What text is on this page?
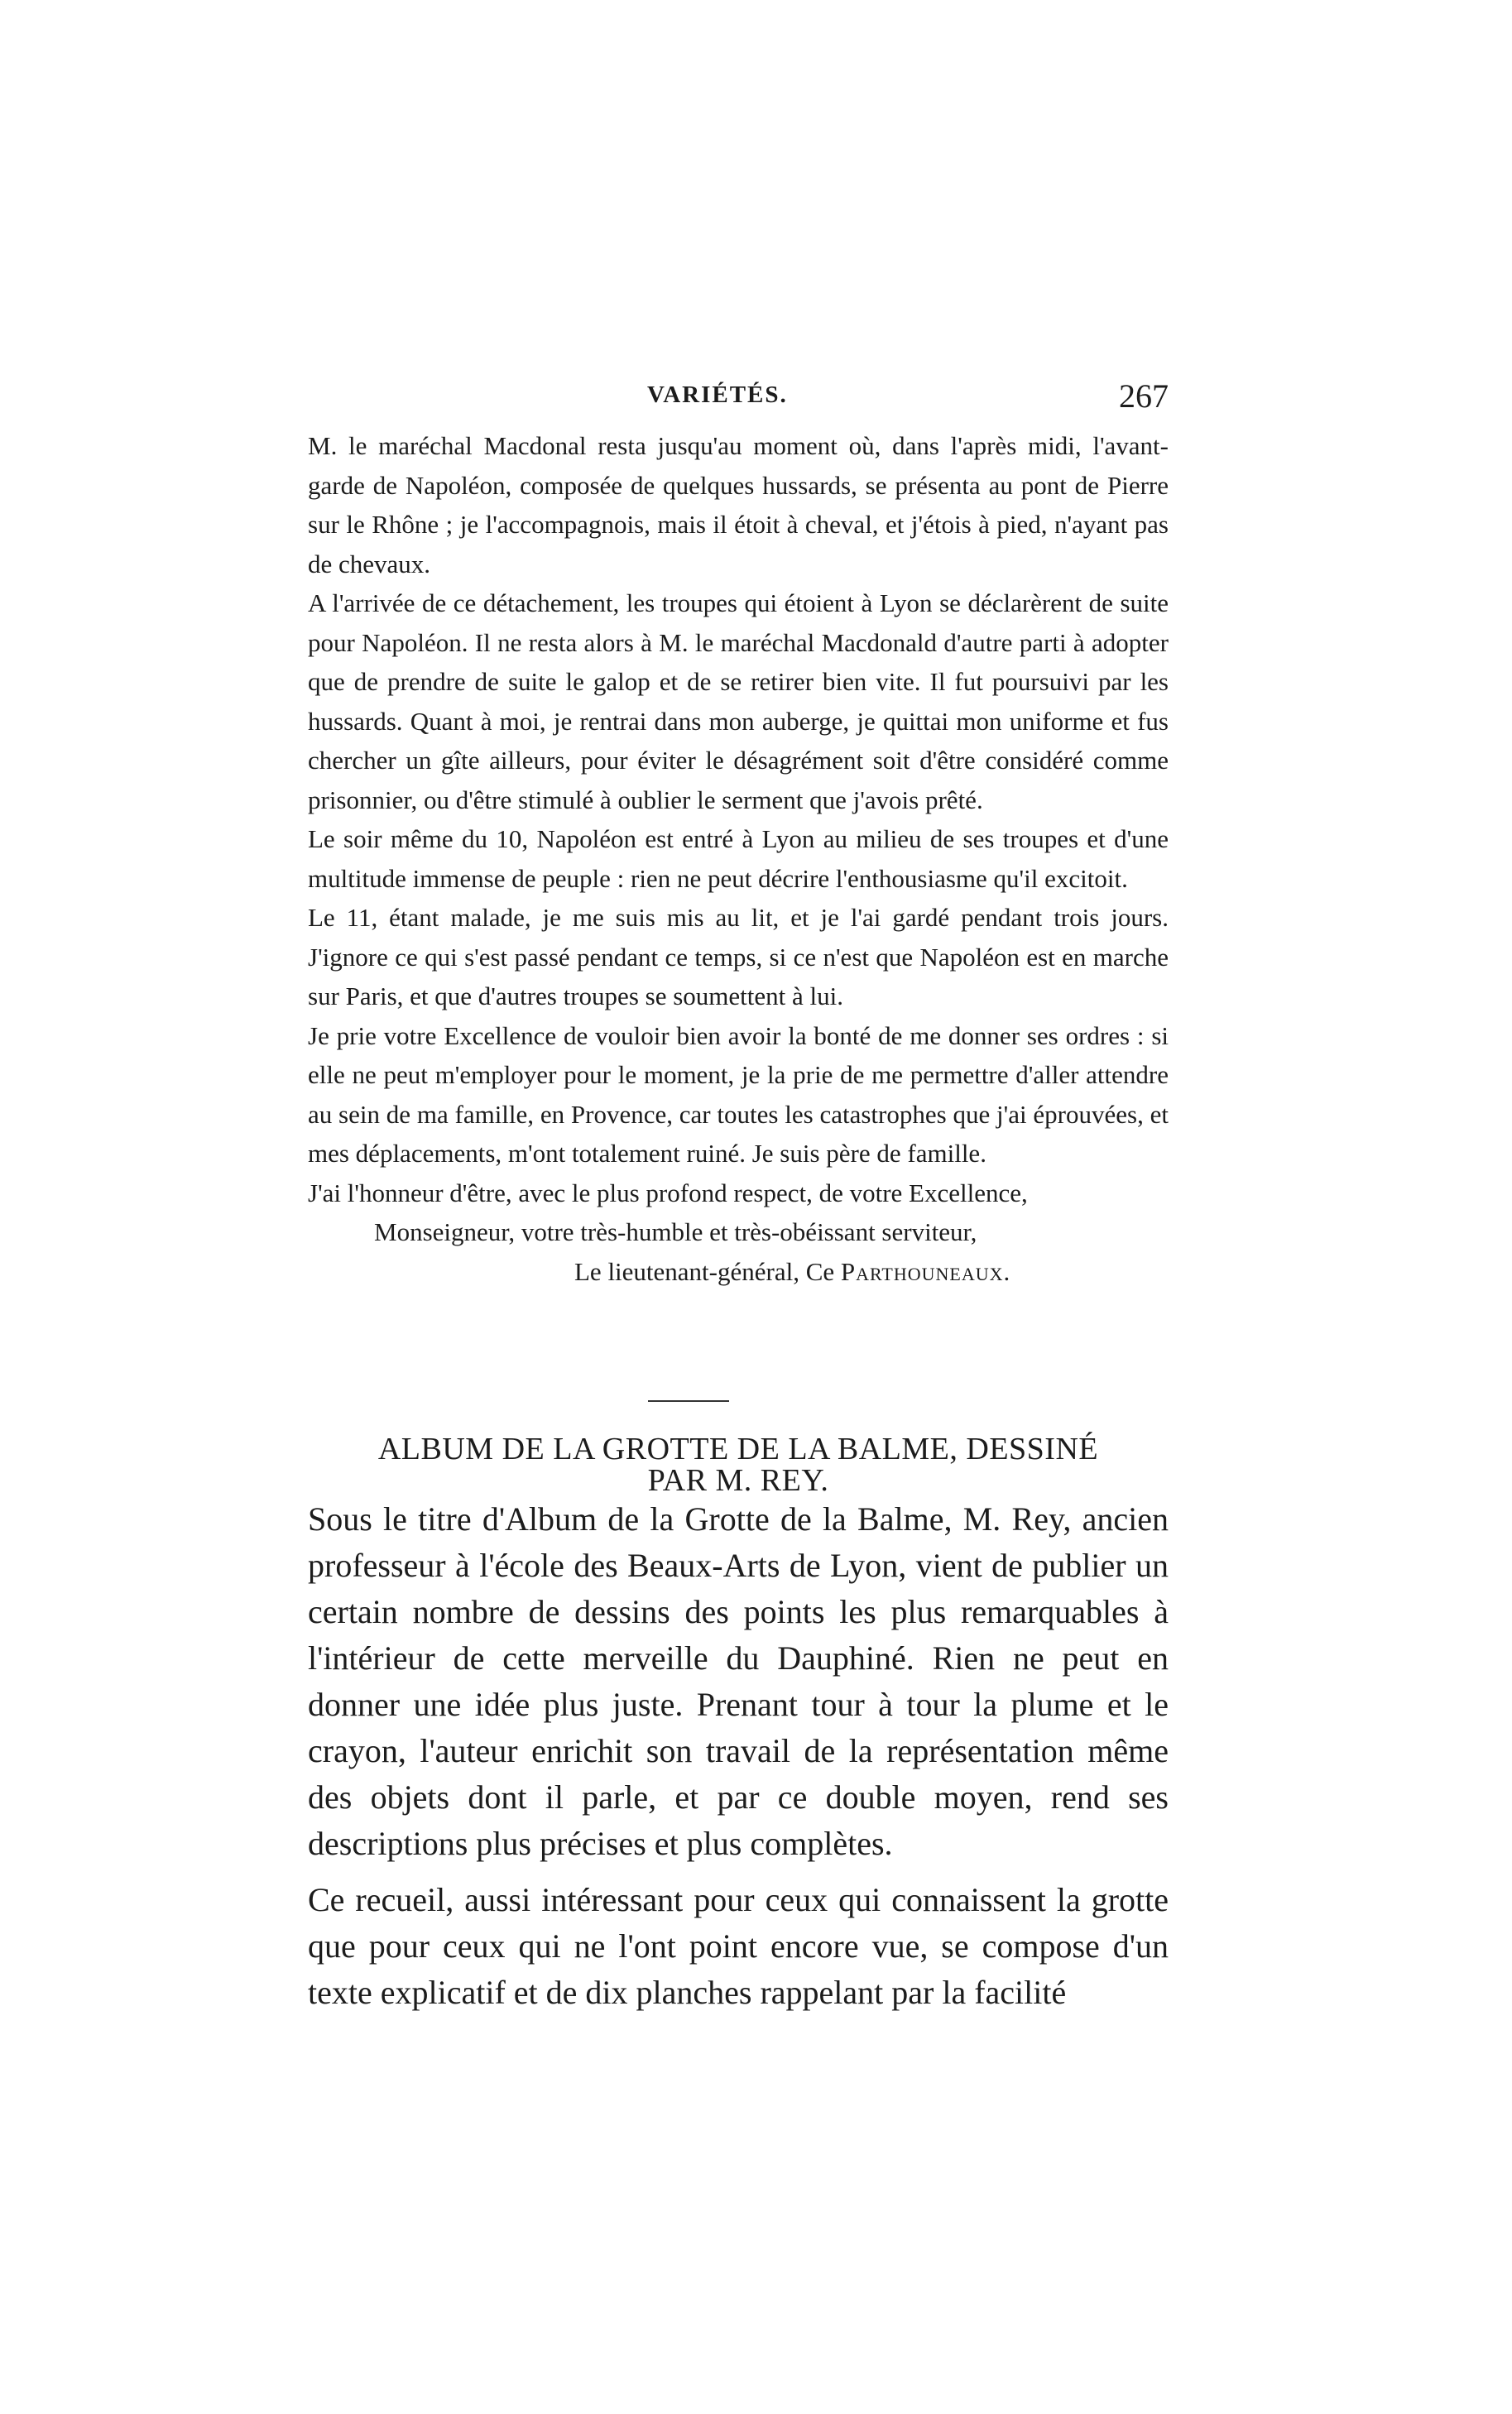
VARIÉTÉS.	267

M. le maréchal Macdonal resta jusqu'au moment où, dans l'après midi, l'avant-garde de Napoléon, composée de quelques hussards, se présenta au pont de Pierre sur le Rhône ; je l'accompagnois, mais il étoit à cheval, et j'étois à pied, n'ayant pas de chevaux.

A l'arrivée de ce détachement, les troupes qui étoient à Lyon se déclarèrent de suite pour Napoléon. Il ne resta alors à M. le maréchal Macdonald d'autre parti à adopter que de prendre de suite le galop et de se retirer bien vite. Il fut poursuivi par les hussards. Quant à moi, je rentrai dans mon auberge, je quittai mon uniforme et fus chercher un gîte ailleurs, pour éviter le désagrément soit d'être considéré comme prisonnier, ou d'être stimulé à oublier le serment que j'avois prêté.

Le soir même du 10, Napoléon est entré à Lyon au milieu de ses troupes et d'une multitude immense de peuple : rien ne peut décrire l'enthousiasme qu'il excitoit.

Le 11, étant malade, je me suis mis au lit, et je l'ai gardé pendant trois jours. J'ignore ce qui s'est passé pendant ce temps, si ce n'est que Napoléon est en marche sur Paris, et que d'autres troupes se soumettent à lui.

Je prie votre Excellence de vouloir bien avoir la bonté de me donner ses ordres : si elle ne peut m'employer pour le moment, je la prie de me permettre d'aller attendre au sein de ma famille, en Provence, car toutes les catastrophes que j'ai éprouvées, et mes déplacements, m'ont totalement ruiné. Je suis père de famille.

J'ai l'honneur d'être, avec le plus profond respect, de votre Excellence,

Monseigneur, votre très-humble et très-obéissant serviteur,

Le lieutenant-général, Ce Parthouneaux.

ALBUM DE LA GROTTE DE LA BALME, DESSINÉ
PAR M. REY.

Sous le titre d'Album de la Grotte de la Balme, M. Rey, ancien professeur à l'école des Beaux-Arts de Lyon, vient de publier un certain nombre de dessins des points les plus remarquables à l'intérieur de cette merveille du Dauphiné. Rien ne peut en donner une idée plus juste. Prenant tour à tour la plume et le crayon, l'auteur enrichit son travail de la représentation même des objets dont il parle, et par ce double moyen, rend ses descriptions plus précises et plus complètes.

Ce recueil, aussi intéressant pour ceux qui connaissent la grotte que pour ceux qui ne l'ont point encore vue, se compose d'un texte explicatif et de dix planches rappelant par la facilité
